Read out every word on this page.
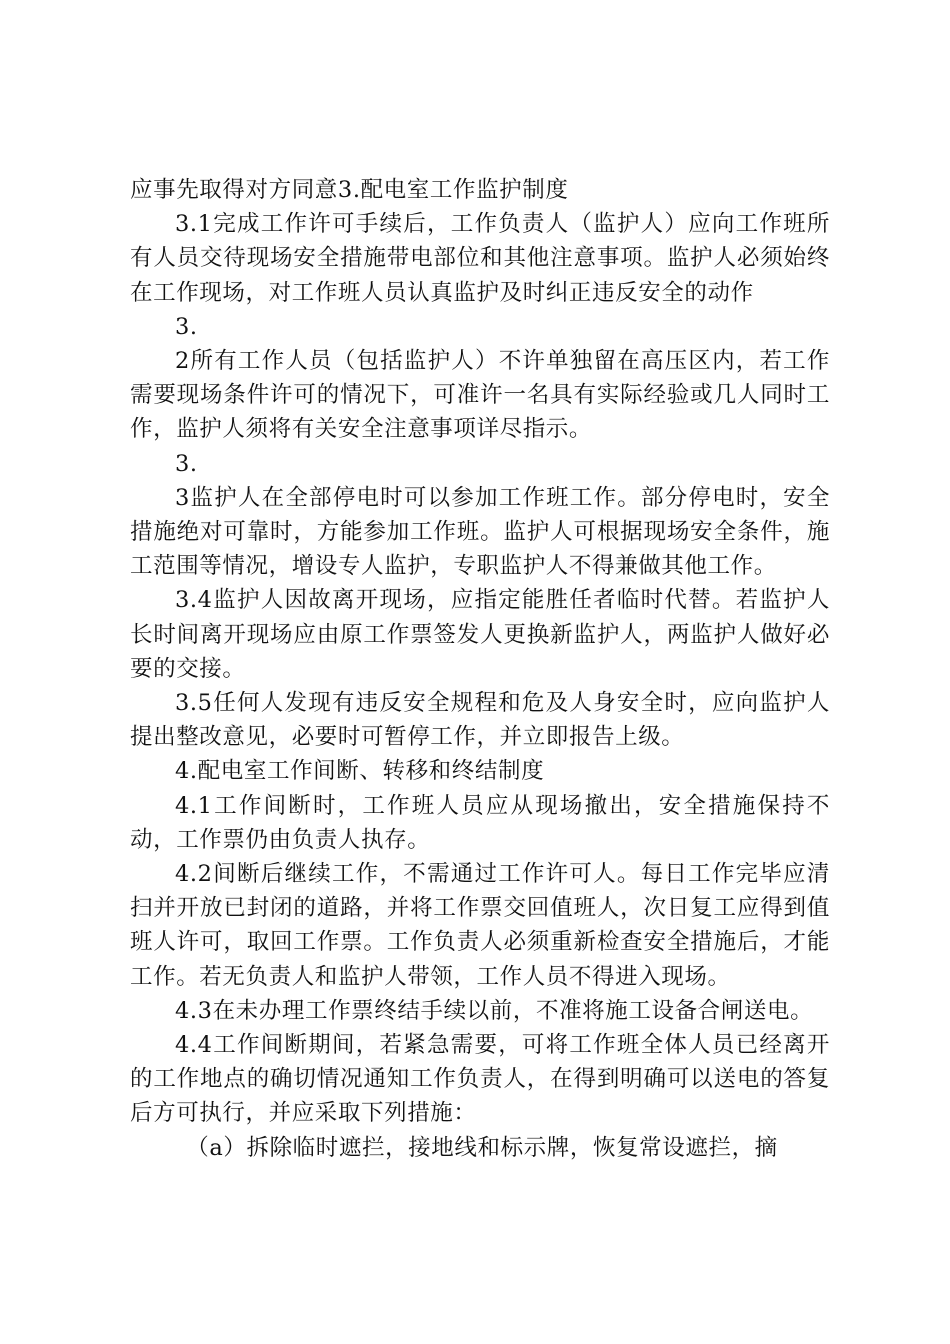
应事先取得对方同意3.配电室工作监护制度

3.1完成工作许可手续后，工作负责人（监护人）应向工作班所有人员交待现场安全措施带电部位和其他注意事项。监护人必须始终在工作现场，对工作班人员认真监护及时纠正违反安全的动作

3.

2所有工作人员（包括监护人）不许单独留在高压区内，若工作需要现场条件许可的情况下，可准许一名具有实际经验或几人同时工作，监护人须将有关安全注意事项详尽指示。

3.

3监护人在全部停电时可以参加工作班工作。部分停电时，安全措施绝对可靠时，方能参加工作班。监护人可根据现场安全条件，施工范围等情况，增设专人监护，专职监护人不得兼做其他工作。

3.4监护人因故离开现场，应指定能胜任者临时代替。若监护人长时间离开现场应由原工作票签发人更换新监护人，两监护人做好必要的交接。

3.5任何人发现有违反安全规程和危及人身安全时，应向监护人提出整改意见，必要时可暂停工作，并立即报告上级。

4.配电室工作间断、转移和终结制度

4.1工作间断时，工作班人员应从现场撤出，安全措施保持不动，工作票仍由负责人执存。

4.2间断后继续工作，不需通过工作许可人。每日工作完毕应清扫并开放已封闭的道路，并将工作票交回值班人，次日复工应得到值班人许可，取回工作票。工作负责人必须重新检查安全措施后，才能工作。若无负责人和监护人带领，工作人员不得进入现场。

4.3在未办理工作票终结手续以前，不准将施工设备合闸送电。

4.4工作间断期间，若紧急需要，可将工作班全体人员已经离开的工作地点的确切情况通知工作负责人，在得到明确可以送电的答复后方可执行，并应采取下列措施：

（a）拆除临时遮拦，接地线和标示牌，恢复常设遮拦，摘
